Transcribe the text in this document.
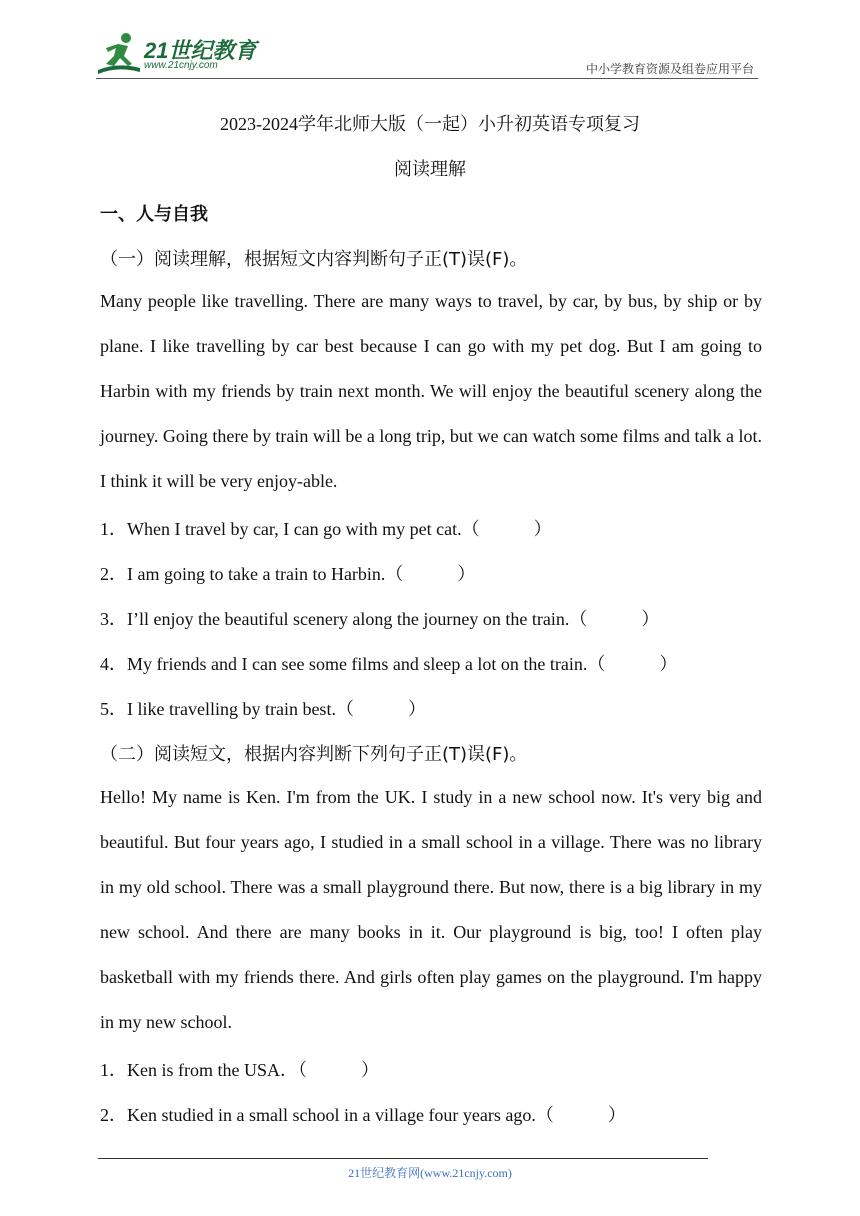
21世纪教育
www.21cnjy.com	中小学教育资源及组卷应用平台
2023-2024学年北师大版（一起）小升初英语专项复习
阅读理解
一、人与自我
（一）阅读理解，根据短文内容判断句子正(T)误(F)。
Many people like travelling. There are many ways to travel, by car, by bus, by ship or by plane. I like travelling by car best because I can go with my pet dog. But I am going to Harbin with my friends by train next month. We will enjoy the beautiful scenery along the journey. Going there by train will be a long trip, but we can watch some films and talk a lot. I think it will be very enjoy-able.
1．When I travel by car, I can go with my pet cat.（　　　）
2．I am going to take a train to Harbin.（　　　）
3．I’ll enjoy the beautiful scenery along the journey on the train.（　　　）
4．My friends and I can see some films and sleep a lot on the train.（　　　）
5．I like travelling by train best.（　　　）
（二）阅读短文，根据内容判断下列句子正(T)误(F)。
Hello! My name is Ken. I'm from the UK. I study in a new school now. It's very big and beautiful. But four years ago, I studied in a small school in a village. There was no library in my old school. There was a small playground there. But now, there is a big library in my new school. And there are many books in it. Our playground is big, too! I often play basketball with my friends there. And girls often play games on the playground. I'm happy in my new school.
1．Ken is from the USA．（　　　）
2．Ken studied in a small school in a village four years ago.（　　　）
21世纪教育网(www.21cnjy.com)
